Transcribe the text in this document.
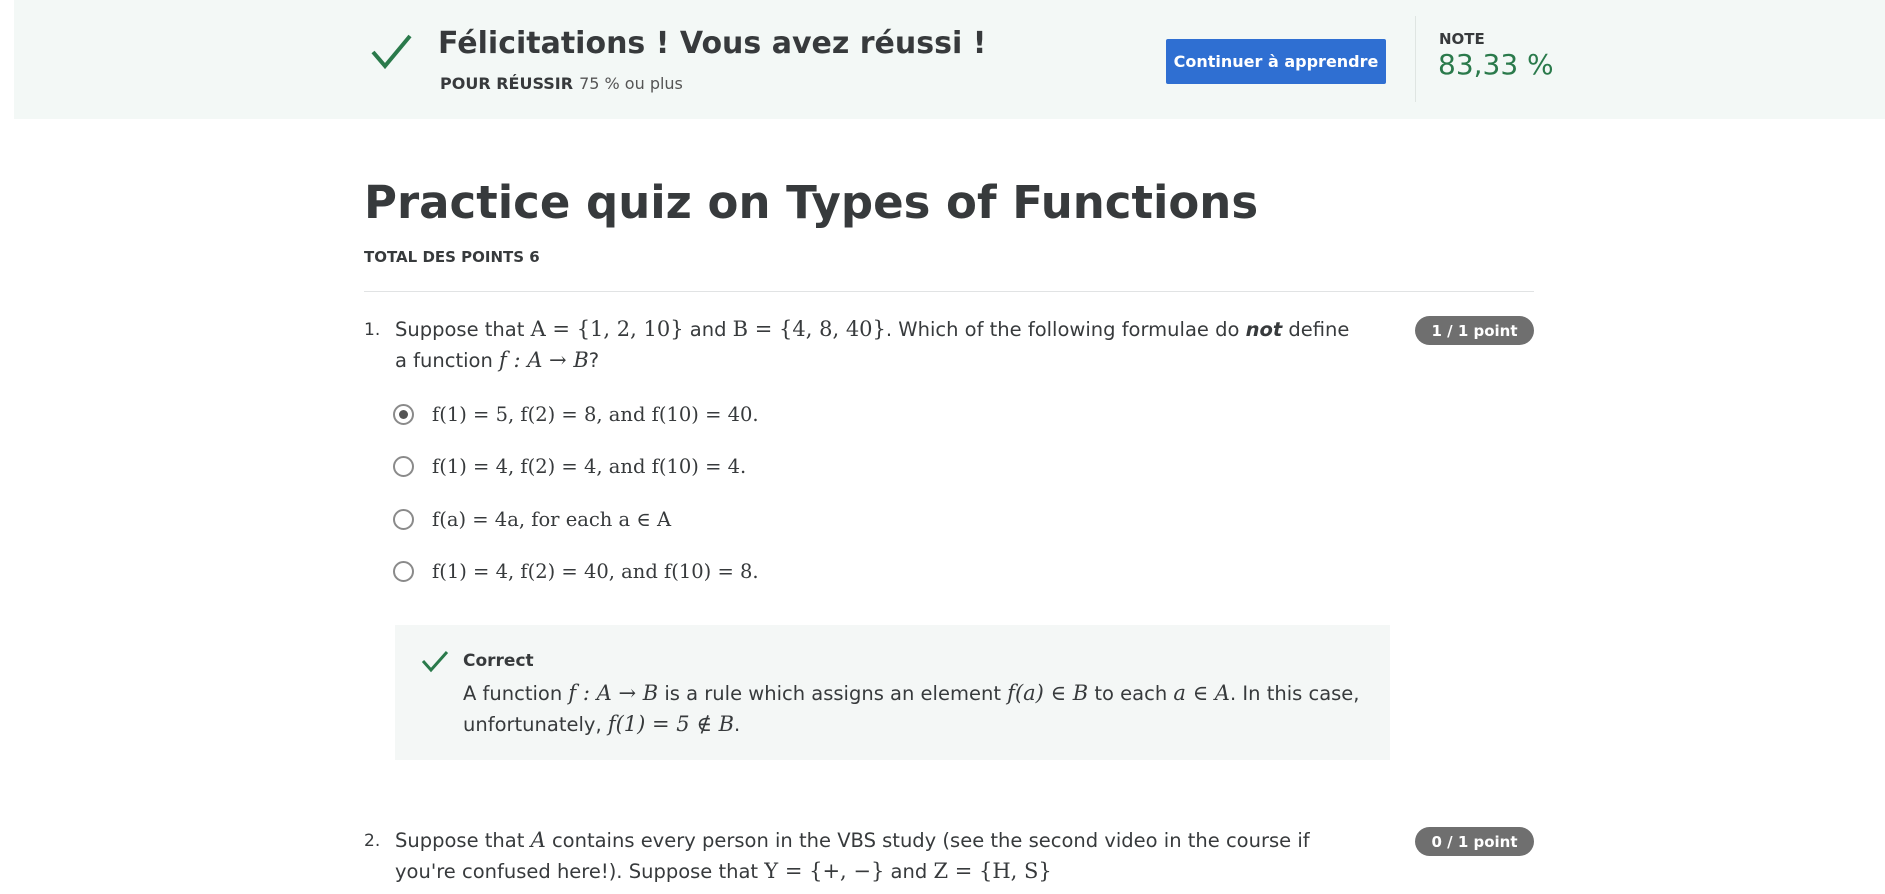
Félicitations ! Vous avez réussi !
POUR RÉUSSIR 75 % ou plus
Continuer à apprendre
NOTE
83,33 %
Practice quiz on Types of Functions
TOTAL DES POINTS 6
1. Suppose that A = {1, 2, 10} and B = {4, 8, 40}. Which of the following formulae do not define a function f : A → B?
1 / 1 point
f(1) = 5, f(2) = 8, and f(10) = 40.
f(1) = 4, f(2) = 4, and f(10) = 4.
f(a) = 4a, for each a ∈ A
f(1) = 4, f(2) = 40, and f(10) = 8.
Correct
A function f : A → B is a rule which assigns an element f(a) ∈ B to each a ∈ A. In this case, unfortunately, f(1) = 5 ∉ B.
2. Suppose that A contains every person in the VBS study (see the second video in the course if you're confused here!). Suppose that Y = {+, −} and Z = {H, S}
0 / 1 point
